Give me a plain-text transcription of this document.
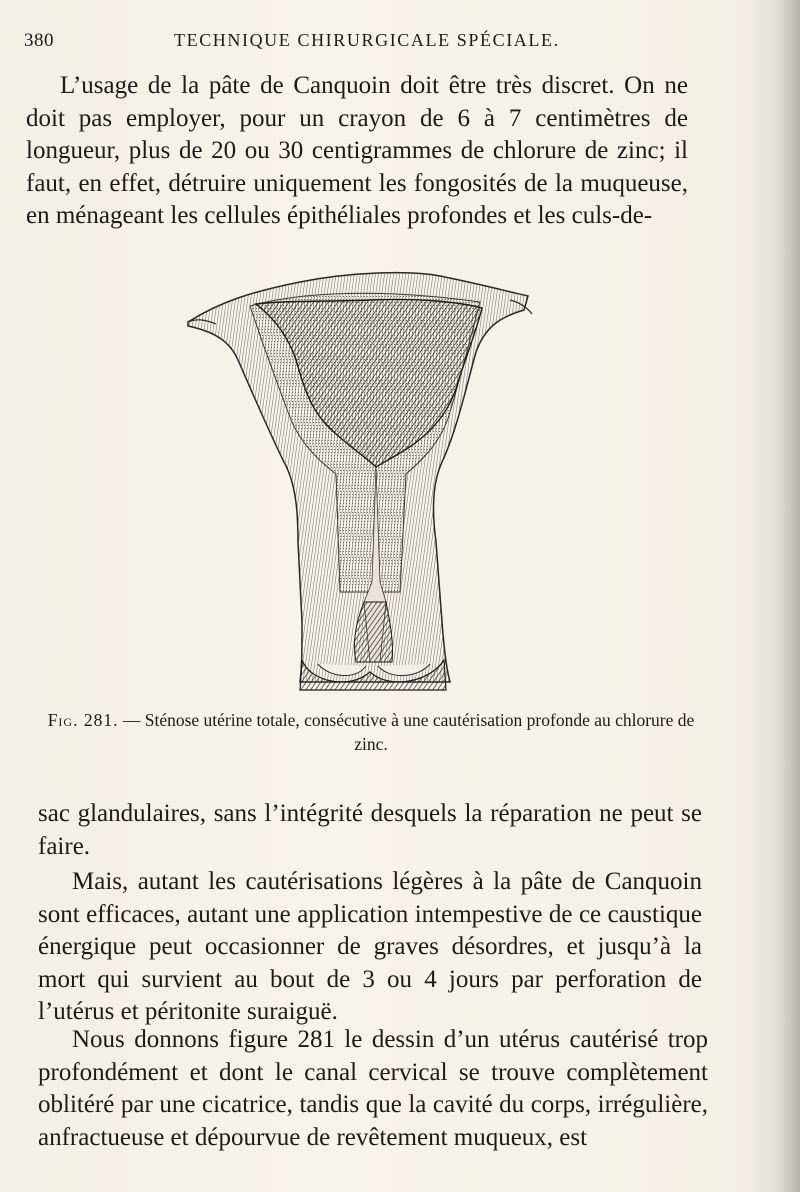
380	TECHNIQUE CHIRURGICALE SPÉCIALE.

L’usage de la pâte de Canquoin doit être très discret. On ne doit pas employer, pour un crayon de 6 à 7 centimètres de longueur, plus de 20 ou 30 centigrammes de chlorure de zinc; il faut, en effet, détruire uniquement les fongosités de la muqueuse, en ménageant les cellules épithéliales profondes et les culs-de-

Fig. 281. — Sténose utérine totale, consécutive à une cautérisation profonde au chlorure de zinc.

sac glandulaires, sans l’intégrité desquels la réparation ne peut se faire.

Mais, autant les cautérisations légères à la pâte de Canquoin sont efficaces, autant une application intempestive de ce caustique énergique peut occasionner de graves désordres, et jusqu’à la mort qui survient au bout de 3 ou 4 jours par perforation de l’utérus et péritonite suraiguë.

Nous donnons figure 281 le dessin d’un utérus cautérisé trop profondément et dont le canal cervical se trouve complètement oblitéré par une cicatrice, tandis que la cavité du corps, irrégulière, anfractueuse et dépourvue de revêtement muqueux, est
